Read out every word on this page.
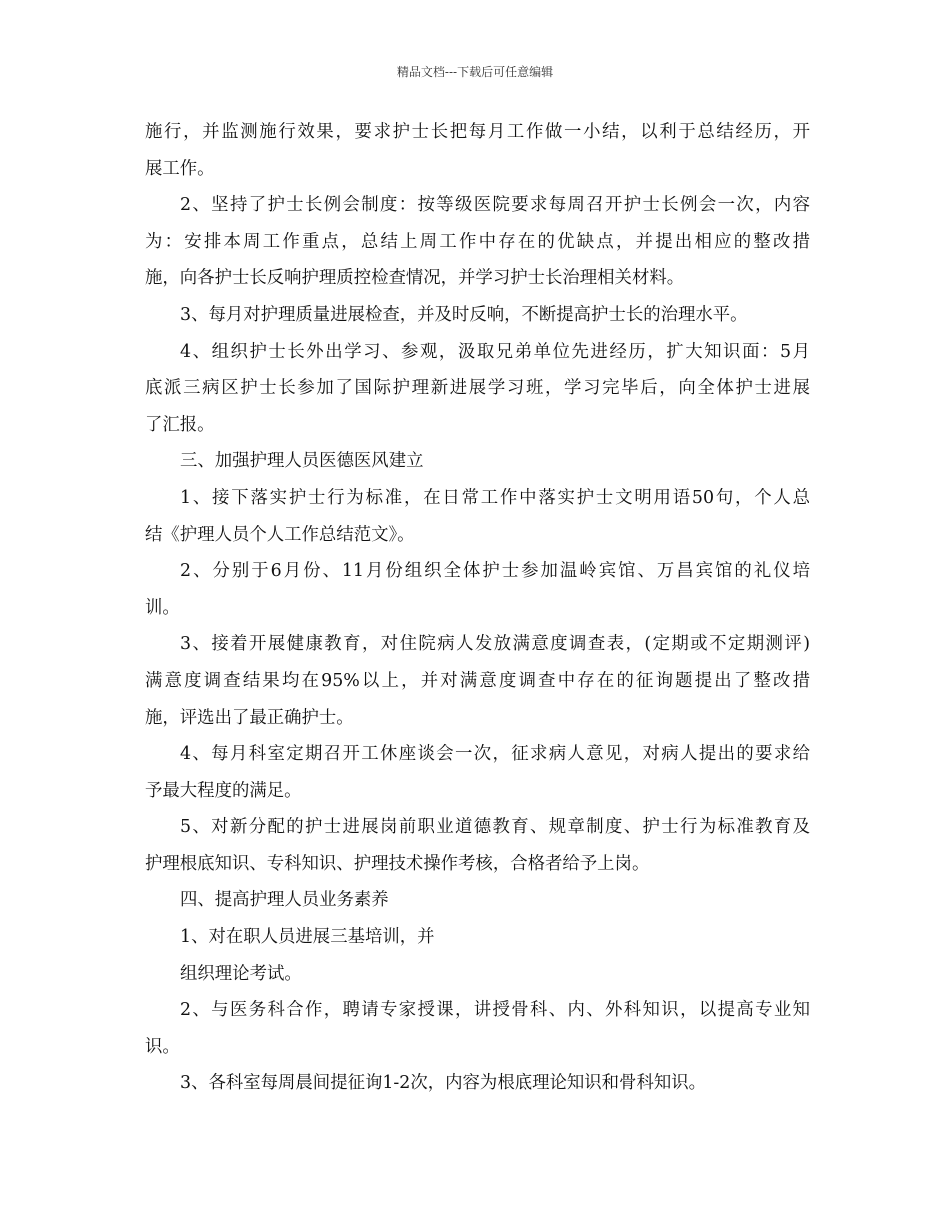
精品文档---下载后可任意编辑
施行，并监测施行效果，要求护士长把每月工作做一小结，以利于总结经历，开
展工作。
2、坚持了护士长例会制度：按等级医院要求每周召开护士长例会一次，内容
为：安排本周工作重点，总结上周工作中存在的优缺点，并提出相应的整改措
施，向各护士长反响护理质控检查情况，并学习护士长治理相关材料。
3、每月对护理质量进展检查，并及时反响，不断提高护士长的治理水平。
4、组织护士长外出学习、参观，汲取兄弟单位先进经历，扩大知识面：5月
底派三病区护士长参加了国际护理新进展学习班，学习完毕后，向全体护士进展
了汇报。
三、加强护理人员医德医风建立
1、接下落实护士行为标准，在日常工作中落实护士文明用语50句，个人总
结《护理人员个人工作总结范文》。
2、分别于6月份、11月份组织全体护士参加温岭宾馆、万昌宾馆的礼仪培
训。
3、接着开展健康教育，对住院病人发放满意度调查表，(定期或不定期测评)
满意度调查结果均在95%以上，并对满意度调查中存在的征询题提出了整改措
施，评选出了最正确护士。
4、每月科室定期召开工休座谈会一次，征求病人意见，对病人提出的要求给
予最大程度的满足。
5、对新分配的护士进展岗前职业道德教育、规章制度、护士行为标准教育及
护理根底知识、专科知识、护理技术操作考核，合格者给予上岗。
四、提高护理人员业务素养
1、对在职人员进展三基培训，并
组织理论考试。
2、与医务科合作，聘请专家授课，讲授骨科、内、外科知识，以提高专业知
识。
3、各科室每周晨间提征询1-2次，内容为根底理论知识和骨科知识。
